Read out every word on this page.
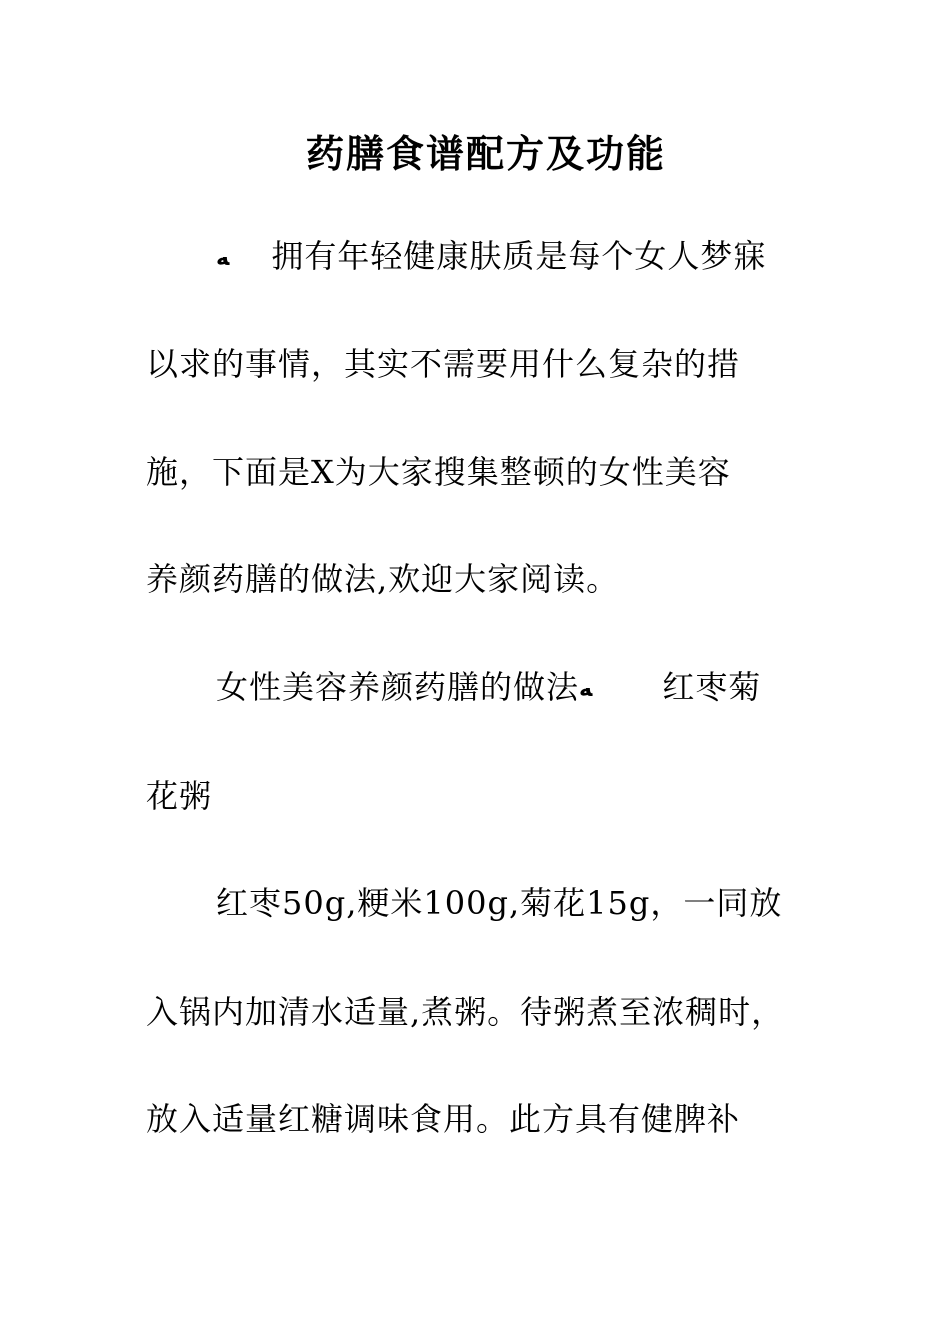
药膳食谱配方及功能
ﻪ 拥有年轻健康肤质是每个女人梦寐
以求的事情，其实不需要用什么复杂的措
施，下面是X为大家搜集整顿的女性美容
养颜药膳的做法,欢迎大家阅读。
女性美容养颜药膳的做法ﻪ 红枣菊
花粥
红枣50g,粳米100g,菊花15g，一同放
入锅内加清水适量,煮粥。待粥煮至浓稠时，
放入适量红糖调味食用。此方具有健脾补
